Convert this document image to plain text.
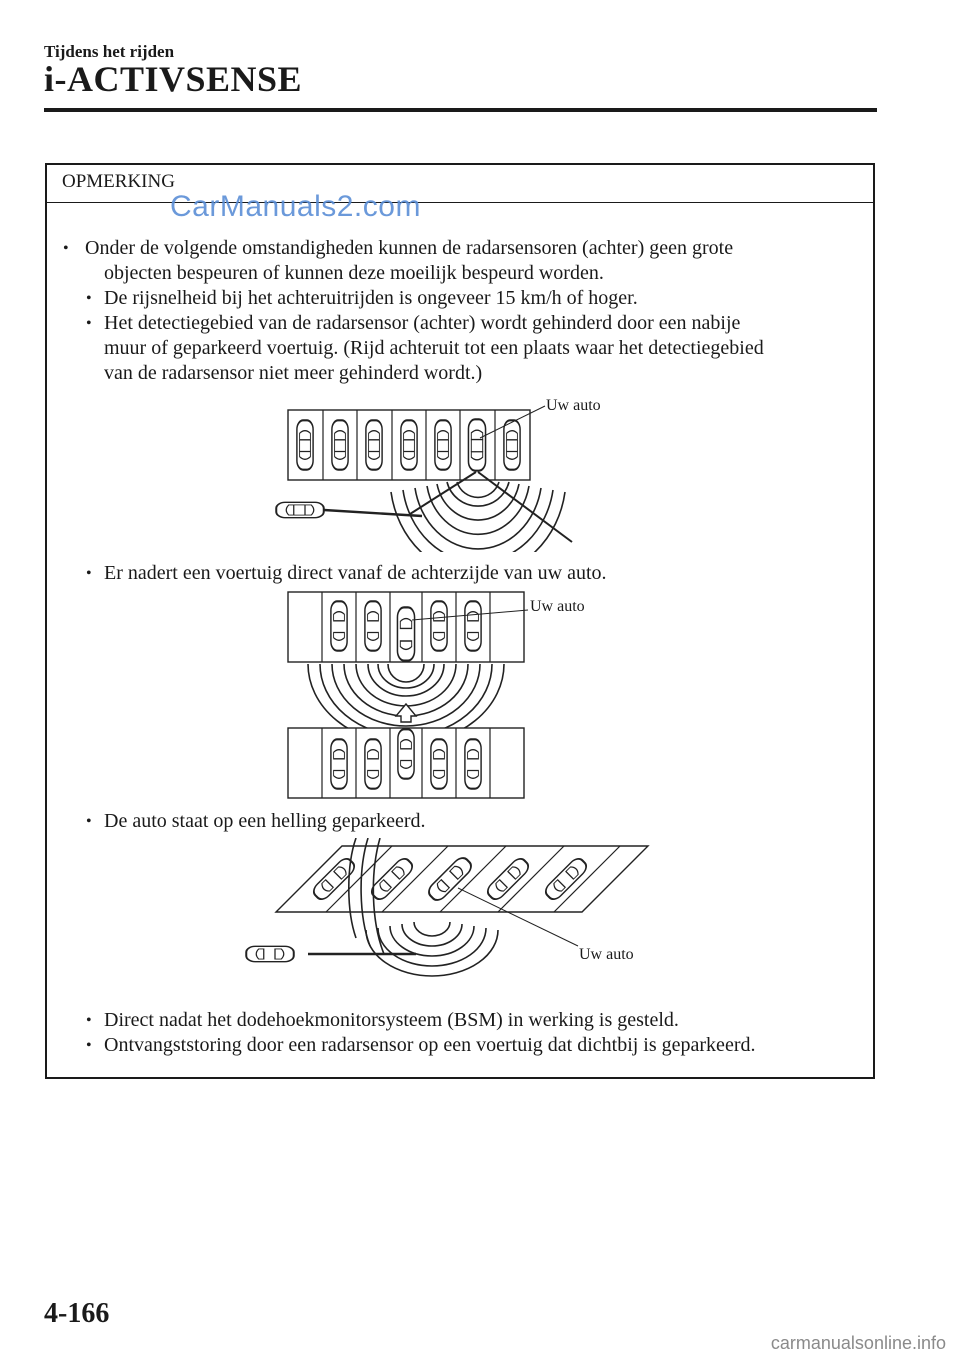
Tijdens het rijden
i-ACTIVSENSE
OPMERKING
CarManuals2.com
• Onder de volgende omstandigheden kunnen de radarsensoren (achter) geen grote
objecten bespeuren of kunnen deze moeilijk bespeurd worden.
• De rijsnelheid bij het achteruitrijden is ongeveer 15 km/h of hoger.
• Het detectiegebied van de radarsensor (achter) wordt gehinderd door een nabije
muur of geparkeerd voertuig. (Rijd achteruit tot een plaats waar het detectiegebied
van de radarsensor niet meer gehinderd wordt.)
Uw auto
• Er nadert een voertuig direct vanaf de achterzijde van uw auto.
Uw auto
• De auto staat op een helling geparkeerd.
Uw auto
• Direct nadat het dodehoekmonitorsysteem (BSM) in werking is gesteld.
• Ontvangststoring door een radarsensor op een voertuig dat dichtbij is geparkeerd.
4-166
carmanualsonline.info
